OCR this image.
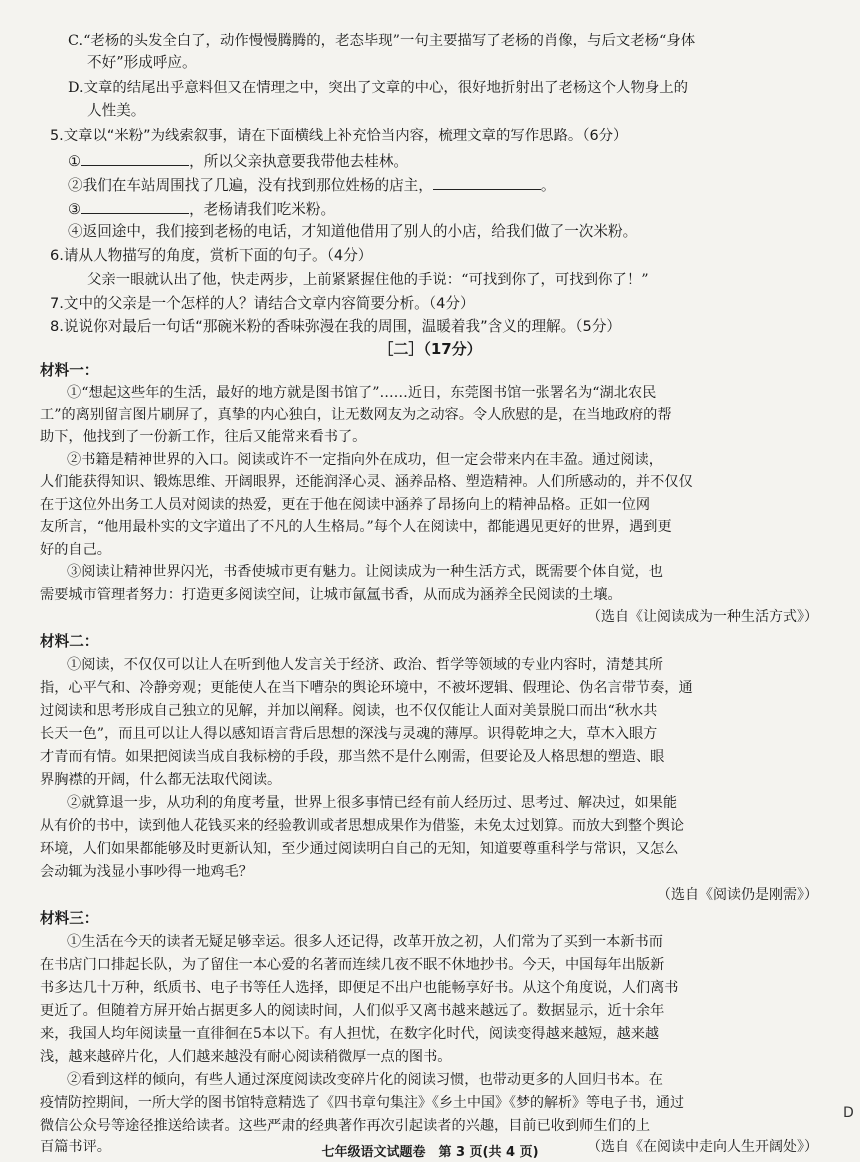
C.“老杨的头发全白了，动作慢慢腾腾的，老态毕现”一句主要描写了老杨的肖像，与后文老杨“身体
不好”形成呼应。
D.文章的结尾出乎意料但又在情理之中，突出了文章的中心，很好地折射出了老杨这个人物身上的
人性美。
5.文章以“米粉”为线索叙事，请在下面横线上补充恰当内容，梳理文章的写作思路。（6分）
①	，所以父亲执意要我带他去桂林。
②我们在车站周围找了几遍，没有找到那位姓杨的店主，	。
③	，老杨请我们吃米粉。
④返回途中，我们接到老杨的电话，才知道他借用了别人的小店，给我们做了一次米粉。
6.请从人物描写的角度，赏析下面的句子。（4分）
父亲一眼就认出了他，快走两步，上前紧紧握住他的手说：“可找到你了，可找到你了！”
7.文中的父亲是一个怎样的人？请结合文章内容简要分析。（4分）
8.说说你对最后一句话“那碗米粉的香味弥漫在我的周围，温暖着我”含义的理解。（5分）
［二］（17分）
材料一：
①“想起这些年的生活，最好的地方就是图书馆了”……近日，东莞图书馆一张署名为“湖北农民
工”的离别留言图片刷屏了，真挚的内心独白，让无数网友为之动容。令人欣慰的是，在当地政府的帮
助下，他找到了一份新工作，往后又能常来看书了。
②书籍是精神世界的入口。阅读或许不一定指向外在成功，但一定会带来内在丰盈。通过阅读，
人们能获得知识、锻炼思维、开阔眼界，还能润泽心灵、涵养品格、塑造精神。人们所感动的，并不仅仅
在于这位外出务工人员对阅读的热爱，更在于他在阅读中涵养了昂扬向上的精神品格。正如一位网
友所言，“他用最朴实的文字道出了不凡的人生格局。”每个人在阅读中，都能遇见更好的世界，遇到更
好的自己。
③阅读让精神世界闪光，书香使城市更有魅力。让阅读成为一种生活方式，既需要个体自觉，也
需要城市管理者努力：打造更多阅读空间，让城市氤氲书香，从而成为涵养全民阅读的土壤。
（选自《让阅读成为一种生活方式》）
材料二：
①阅读，不仅仅可以让人在听到他人发言关于经济、政治、哲学等领域的专业内容时，清楚其所
指，心平气和、冷静旁观；更能使人在当下嘈杂的舆论环境中，不被坏逻辑、假理论、伪名言带节奏，通
过阅读和思考形成自己独立的见解，并加以阐释。阅读，也不仅仅能让人面对美景脱口而出“秋水共
长天一色”，而且可以让人得以感知语言背后思想的深浅与灵魂的薄厚。识得乾坤之大，草木入眼方
才青而有情。如果把阅读当成自我标榜的手段，那当然不是什么刚需，但要论及人格思想的塑造、眼
界胸襟的开阔，什么都无法取代阅读。
②就算退一步，从功利的角度考量，世界上很多事情已经有前人经历过、思考过、解决过，如果能
从有价的书中，读到他人花钱买来的经验教训或者思想成果作为借鉴，未免太过划算。而放大到整个舆论
环境，人们如果都能够及时更新认知，至少通过阅读明白自己的无知，知道要尊重科学与常识，又怎么
会动辄为浅显小事吵得一地鸡毛？
（选自《阅读仍是刚需》）
材料三：
①生活在今天的读者无疑足够幸运。很多人还记得，改革开放之初，人们常为了买到一本新书而
在书店门口排起长队，为了留住一本心爱的名著而连续几夜不眠不休地抄书。今天，中国每年出版新
书多达几十万种，纸质书、电子书等任人选择，即便足不出户也能畅享好书。从这个角度说，人们离书
更近了。但随着方屏开始占据更多人的阅读时间，人们似乎又离书越来越远了。数据显示，近十余年
来，我国人均年阅读量一直徘徊在5本以下。有人担忧，在数字化时代，阅读变得越来越短，越来越
浅，越来越碎片化，人们越来越没有耐心阅读稍微厚一点的图书。
②看到这样的倾向，有些人通过深度阅读改变碎片化的阅读习惯，也带动更多的人回归书本。在
疫情防控期间，一所大学的图书馆特意精选了《四书章句集注》《乡土中国》《梦的解析》等电子书，通过
微信公众号等途径推送给读者。这些严肃的经典著作再次引起读者的兴趣，目前已收到师生们的上
百篇书评。	（选自《在阅读中走向人生开阔处》）
七年级语文试题卷　第 3 页(共 4 页)
D
